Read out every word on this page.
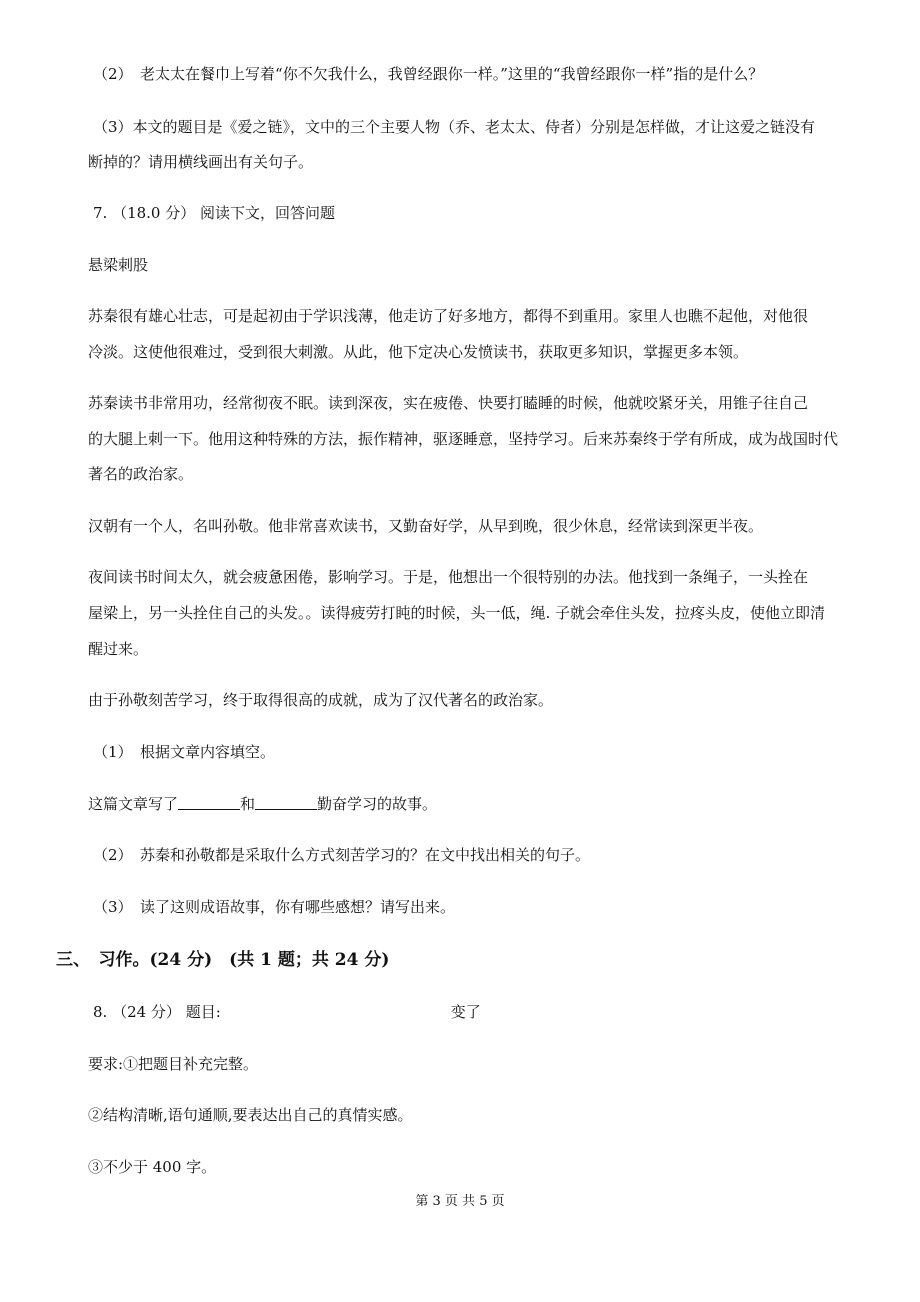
（2）　老太太在餐巾上写着“你不欠我什么，我曾经跟你一样。”这里的“我曾经跟你一样”指的是什么？
（3）本文的题目是《爱之链》，文中的三个主要人物（乔、老太太、侍者）分别是怎样做，才让这爱之链没有
断掉的？请用横线画出有关句子。
7. （18.0 分） 阅读下文，回答问题
悬梁刺股
苏秦很有雄心壮志，可是起初由于学识浅薄，他走访了好多地方，都得不到重用。家里人也瞧不起他，对他很
冷淡。这使他很难过，受到很大刺激。从此，他下定决心发愤读书，获取更多知识，掌握更多本领。
苏秦读书非常用功，经常彻夜不眠。读到深夜，实在疲倦、快要打瞌睡的时候，他就咬紧牙关，用锥子往自己
的大腿上刺一下。他用这种特殊的方法，振作精神，驱逐睡意，坚持学习。后来苏秦终于学有所成，成为战国时代
著名的政治家。
汉朝有一个人，名叫孙敬。他非常喜欢读书，又勤奋好学，从早到晚，很少休息，经常读到深更半夜。
夜间读书时间太久，就会疲惫困倦，影响学习。于是，他想出一个很特别的办法。他找到一条绳子，一头拴在
屋梁上，另一头拴住自己的头发。。读得疲劳打盹的时候，头一低，绳. 子就会牵住头发，拉疼头皮，使他立即清
醒过来。
由于孙敬刻苦学习，终于取得很高的成就，成为了汉代著名的政治家。
（1）　根据文章内容填空。
这篇文章写了	和	勤奋学习的故事。
（2）　苏秦和孙敬都是采取什么方式刻苦学习的？在文中找出相关的句子。
（3）　读了这则成语故事，你有哪些感想？请写出来。
三、　习作。(24 分)　(共 1 题；共 24 分)
8. （24 分） 题目:	变了
要求:①把题目补充完整。
②结构清晰,语句通顺,要表达出自己的真情实感。
③不少于 400 字。
第 3 页 共 5 页
